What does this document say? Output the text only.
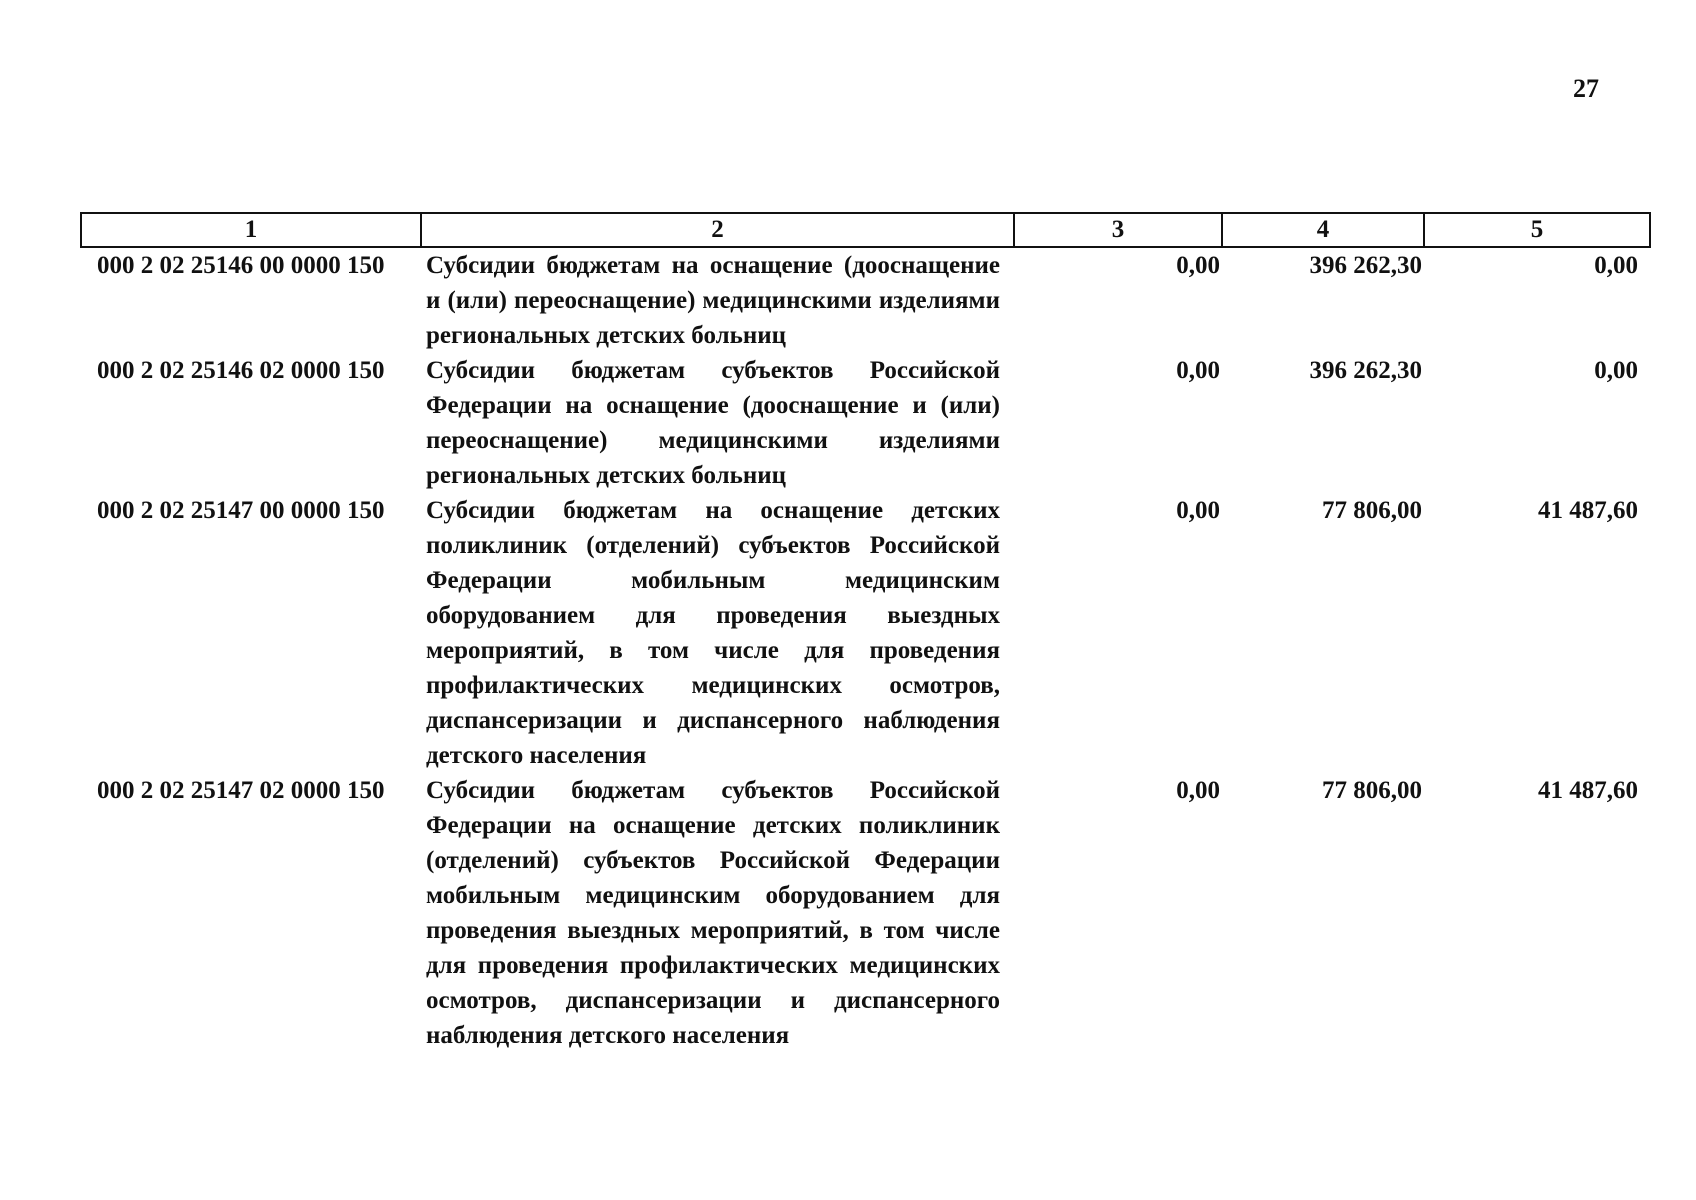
27
1	2	3	4	5
000 2 02 25146 00 0000 150	Субсидии бюджетам на оснащение (дооснащение и (или) переоснащение) медицинскими изделиями региональных детских больниц	0,00	396 262,30	0,00
000 2 02 25146 02 0000 150	Субсидии бюджетам субъектов Российской Федерации на оснащение (дооснащение и (или) переоснащение) медицинскими изделиями региональных детских больниц	0,00	396 262,30	0,00
000 2 02 25147 00 0000 150	Субсидии бюджетам на оснащение детских поликлиник (отделений) субъектов Российской Федерации мобильным медицинским оборудованием для проведения выездных мероприятий, в том числе для проведения профилактических медицинских осмотров, диспансеризации и диспансерного наблюдения детского населения	0,00	77 806,00	41 487,60
000 2 02 25147 02 0000 150	Субсидии бюджетам субъектов Российской Федерации на оснащение детских поликлиник (отделений) субъектов Российской Федерации мобильным медицинским оборудованием для проведения выездных мероприятий, в том числе для проведения профилактических медицинских осмотров, диспансеризации и диспансерного наблюдения детского населения	0,00	77 806,00	41 487,60
